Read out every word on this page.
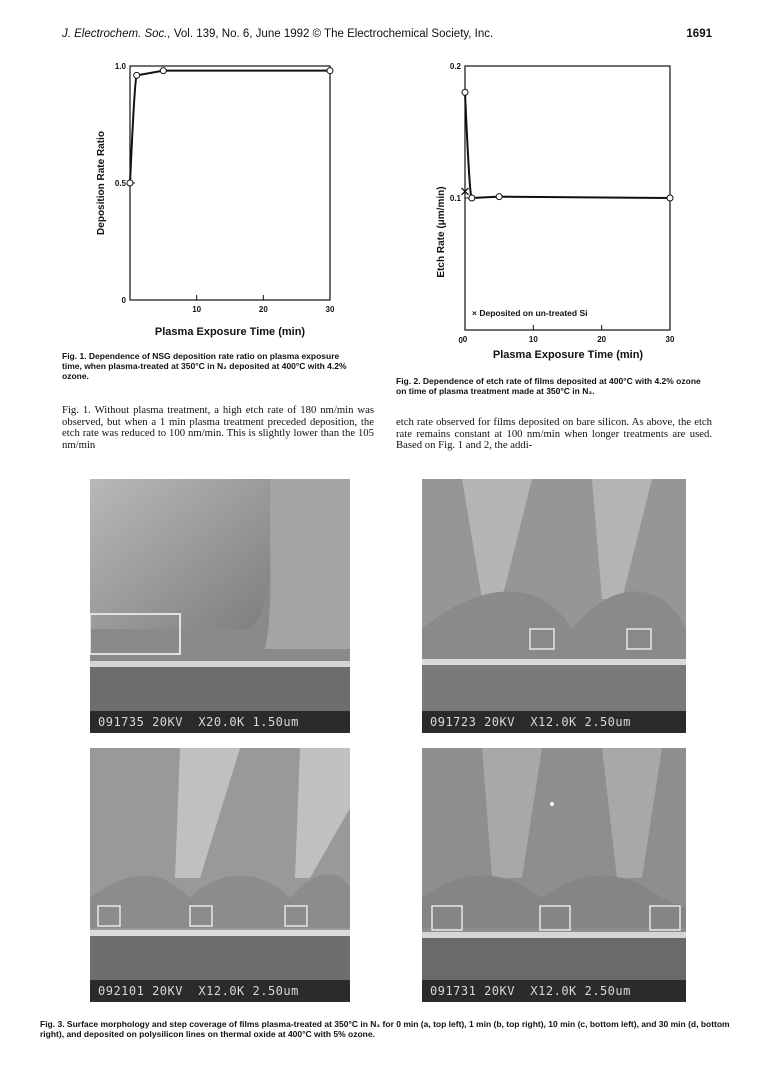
J. Electrochem. Soc., Vol. 139, No. 6, June 1992 © The Electrochemical Society, Inc.	1691
10	20	30
0
0.5
1.0
Deposition Rate Ratio
Plasma Exposure Time (min)
0	10	20	30
0.1
0.2
0
Etch Rate (μm/min)
× Deposited on un-treated Si
Plasma Exposure Time (min)
Fig. 1. Dependence of NSG deposition rate ratio on plasma exposure time, when plasma-treated at 350°C in N₂ deposited at 400°C with 4.2% ozone.	Fig. 2. Dependence of etch rate of films deposited at 400°C with 4.2% ozone on time of plasma treatment made at 350°C in N₂.
Fig. 1. Without plasma treatment, a high etch rate of 180 nm/min was observed, but when a 1 min plasma treatment preceded deposition, the etch rate was reduced to 100 nm/min. This is slightly lower than the 105 nm/min
etch rate observed for films deposited on bare silicon. As above, the etch rate remains constant at 100 nm/min when longer treatments are used. Based on Fig. 1 and 2, the addi-
091735 20KV  X20.0K 1.50um	091723 20KV  X12.0K 2.50um
092101 20KV  X12.0K 2.50um	091731 20KV  X12.0K 2.50um
Fig. 3. Surface morphology and step coverage of films plasma-treated at 350°C in N₂ for 0 min (a, top left), 1 min (b, top right), 10 min (c, bottom left), and 30 min (d, bottom right), and deposited on polysilicon lines on thermal oxide at 400°C with 5% ozone.
